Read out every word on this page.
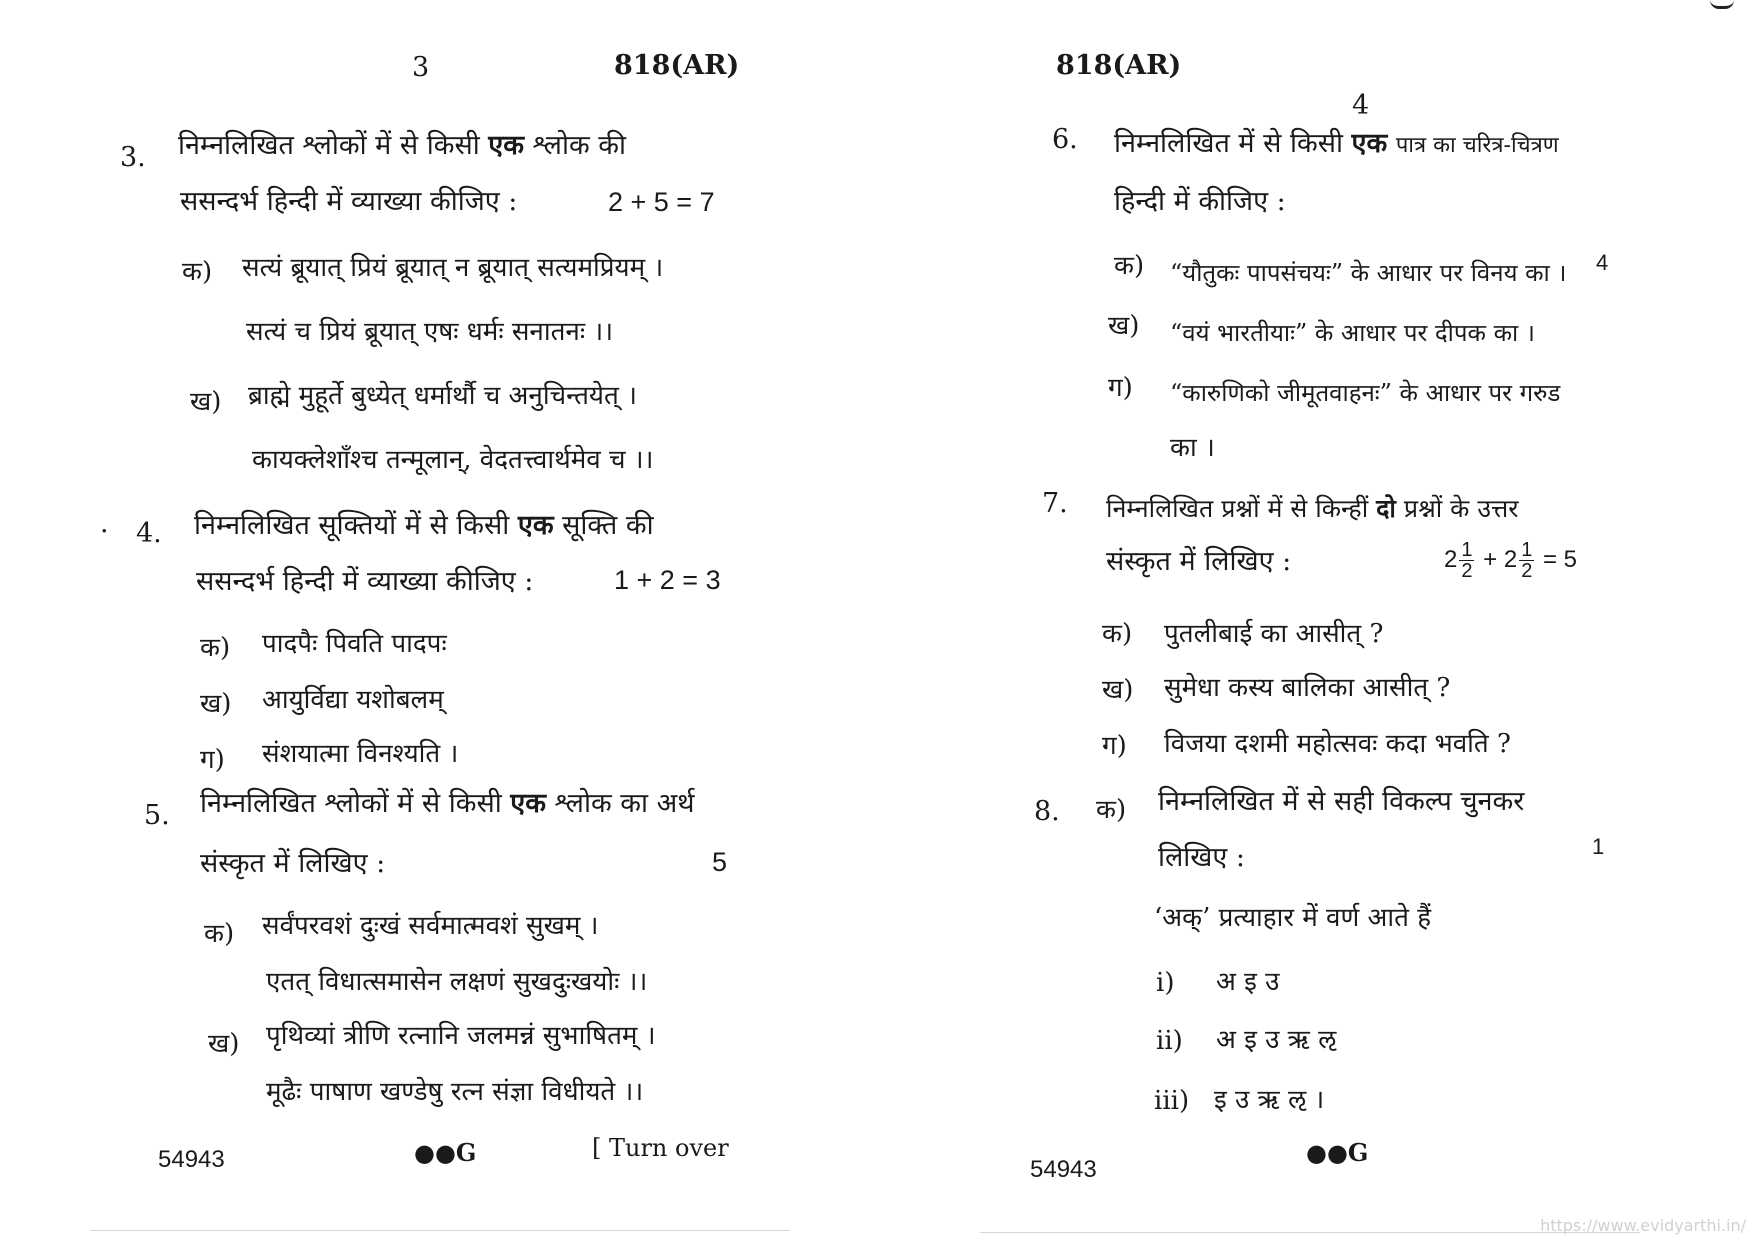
3	818(AR)
3. निम्नलिखित श्लोकों में से किसी एक श्लोक की
ससन्दर्भ हिन्दी में व्याख्या कीजिए :	2 + 5 = 7
क) सत्यं ब्रूयात् प्रियं ब्रूयात् न ब्रूयात् सत्यमप्रियम् ।
सत्यं च प्रियं ब्रूयात् एषः धर्मः सनातनः ।।
ख) ब्राह्मे मुहूर्ते बुध्येत् धर्मार्थौ च अनुचिन्तयेत् ।
कायक्लेशाँश्च तन्मूलान्, वेदतत्त्वार्थमेव च ।।
· 4. निम्नलिखित सूक्तियों में से किसी एक सूक्ति की
ससन्दर्भ हिन्दी में व्याख्या कीजिए :	1 + 2 = 3
क) पादपैः पिवति पादपः
ख) आयुर्विद्या यशोबलम्
ग) संशयात्मा विनश्यति ।
5. निम्नलिखित श्लोकों में से किसी एक श्लोक का अर्थ
संस्कृत में लिखिए :	5
क) सर्वंपरवशं दुःखं सर्वमात्मवशं सुखम् ।
एतत् विधात्समासेन लक्षणं सुखदुःखयोः ।।
ख) पृथिव्यां त्रीणि रत्नानि जलमन्नं सुभाषितम् ।
मूढैः पाषाण खण्डेषु रत्न संज्ञा विधीयते ।।
54943	●●G	[ Turn over
818(AR)
4
6. निम्नलिखित में से किसी एक पात्र का चरित्र-चित्रण
हिन्दी में कीजिए :
4
क) “यौतुकः पापसंचयः” के आधार पर विनय का ।
ख) “वयं भारतीयाः” के आधार पर दीपक का ।
ग) “कारुणिको जीमूतवाहनः” के आधार पर गरुड
का ।
7. निम्नलिखित प्रश्नों में से किन्हीं दो प्रश्नों के उत्तर
संस्कृत में लिखिए :	$2 \frac{1}{2} + 2 \frac{1}{2} = 5$
क) पुतलीबाई का आसीत् ?
ख) सुमेधा कस्य बालिका आसीत् ?
ग) विजया दशमी महोत्सवः कदा भवति ?
8. क) निम्नलिखित में से सही विकल्प चुनकर
लिखिए :	1
‘अक्’ प्रत्याहार में वर्ण आते हैं
i) अ इ उ
ii) अ इ उ ऋ ऌ
iii) इ उ ऋ ऌ ।
54943
●●G
https://www.evidyarthi.in/
